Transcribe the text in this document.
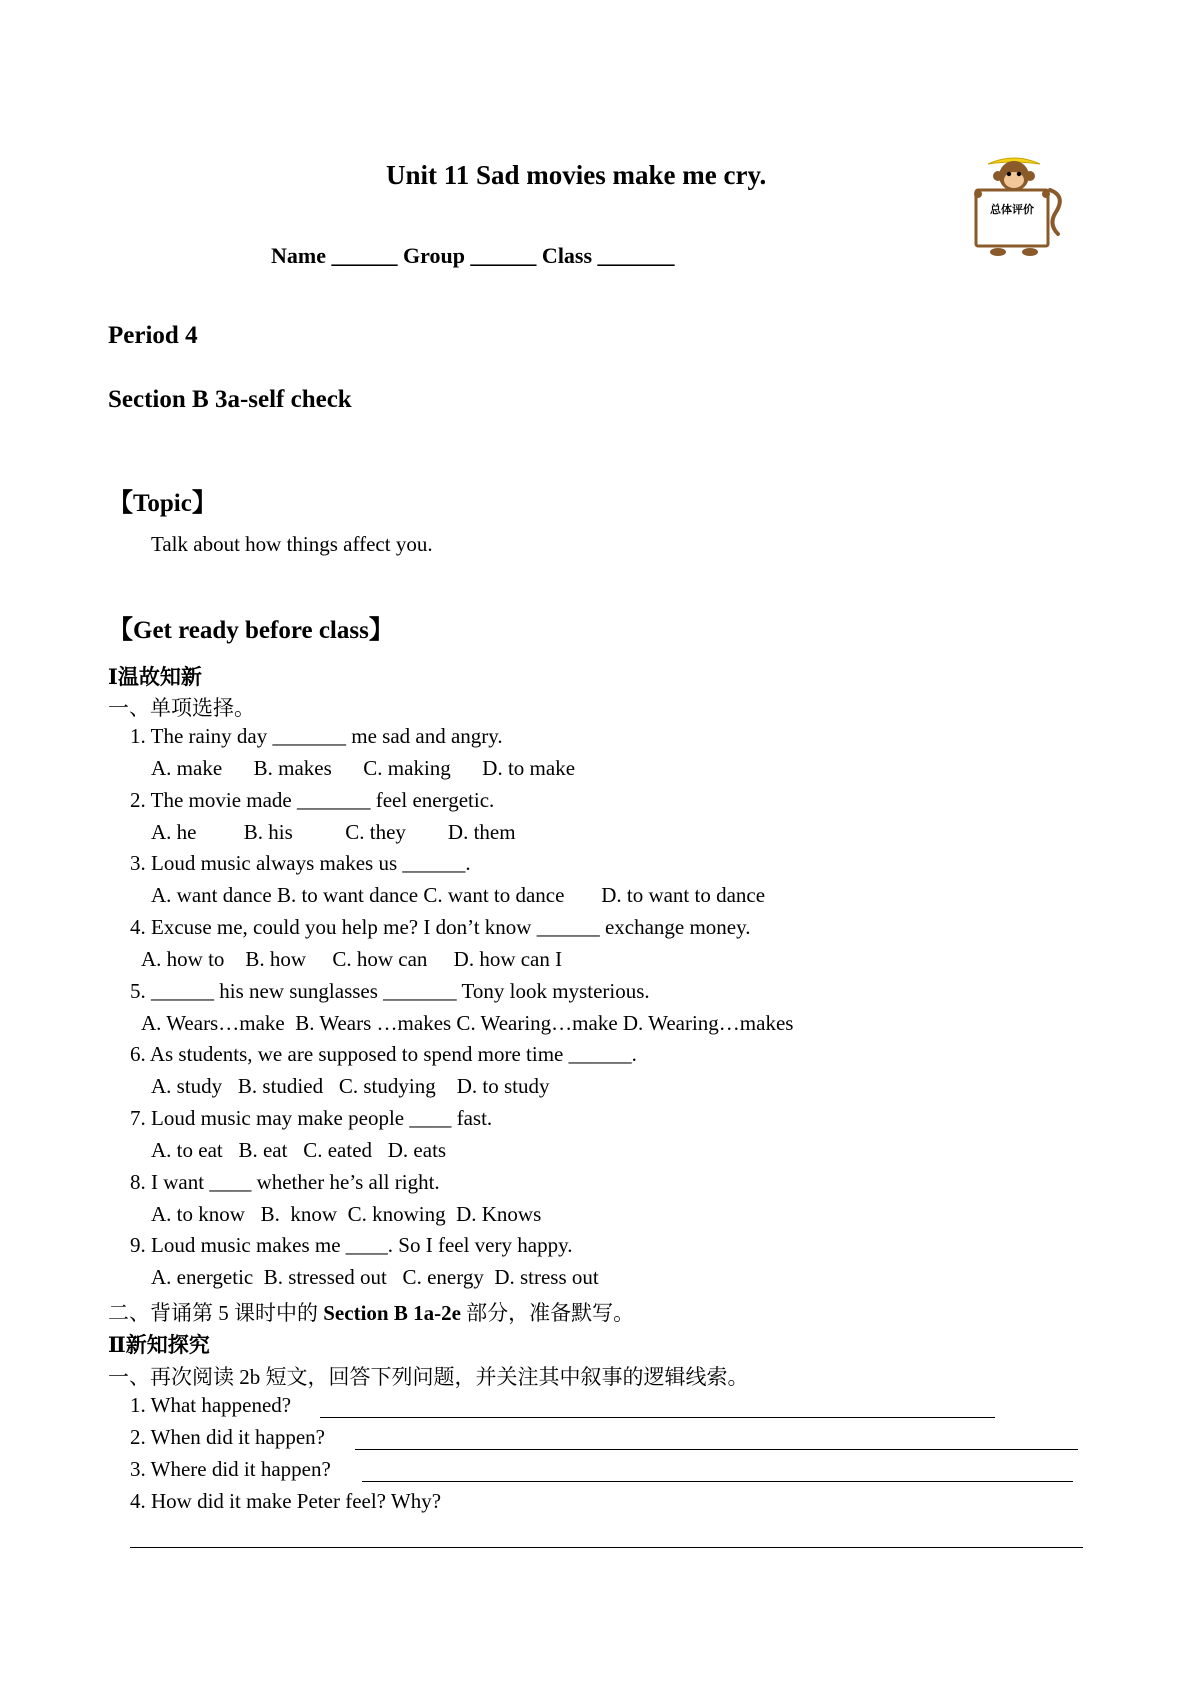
Unit 11 Sad movies make me cry.
Name ______ Group ______ Class _______
总体评价
Period 4
Section B 3a-self check
【Topic】
Talk about how things affect you.
【Get ready before class】
Ⅰ温故知新
一、单项选择。
1. The rainy day _______ me sad and angry.
A. make      B. makes      C. making      D. to make
2. The movie made _______ feel energetic.
A. he         B. his          C. they        D. them
3. Loud music always makes us ______.
A. want dance B. to want dance C. want to dance       D. to want to dance
4. Excuse me, could you help me? I don’t know ______ exchange money.
A. how to    B. how     C. how can     D. how can I
5. ______ his new sunglasses _______ Tony look mysterious.
A. Wears…make  B. Wears …makes C. Wearing…make D. Wearing…makes
6. As students, we are supposed to spend more time ______.
A. study   B. studied   C. studying    D. to study
7. Loud music may make people ____ fast.
A. to eat   B. eat   C. eated   D. eats
8. I want ____ whether he’s all right.
A. to know   B.  know  C. knowing  D. Knows
9. Loud music makes me ____. So I feel very happy.
A. energetic  B. stressed out   C. energy  D. stress out
二、背诵第 5 课时中的 Section B 1a-2e 部分，准备默写。
Ⅱ新知探究
一、再次阅读 2b 短文，回答下列问题，并关注其中叙事的逻辑线索。
1. What happened?
2. When did it happen?
3. Where did it happen?
4. How did it make Peter feel? Why?
